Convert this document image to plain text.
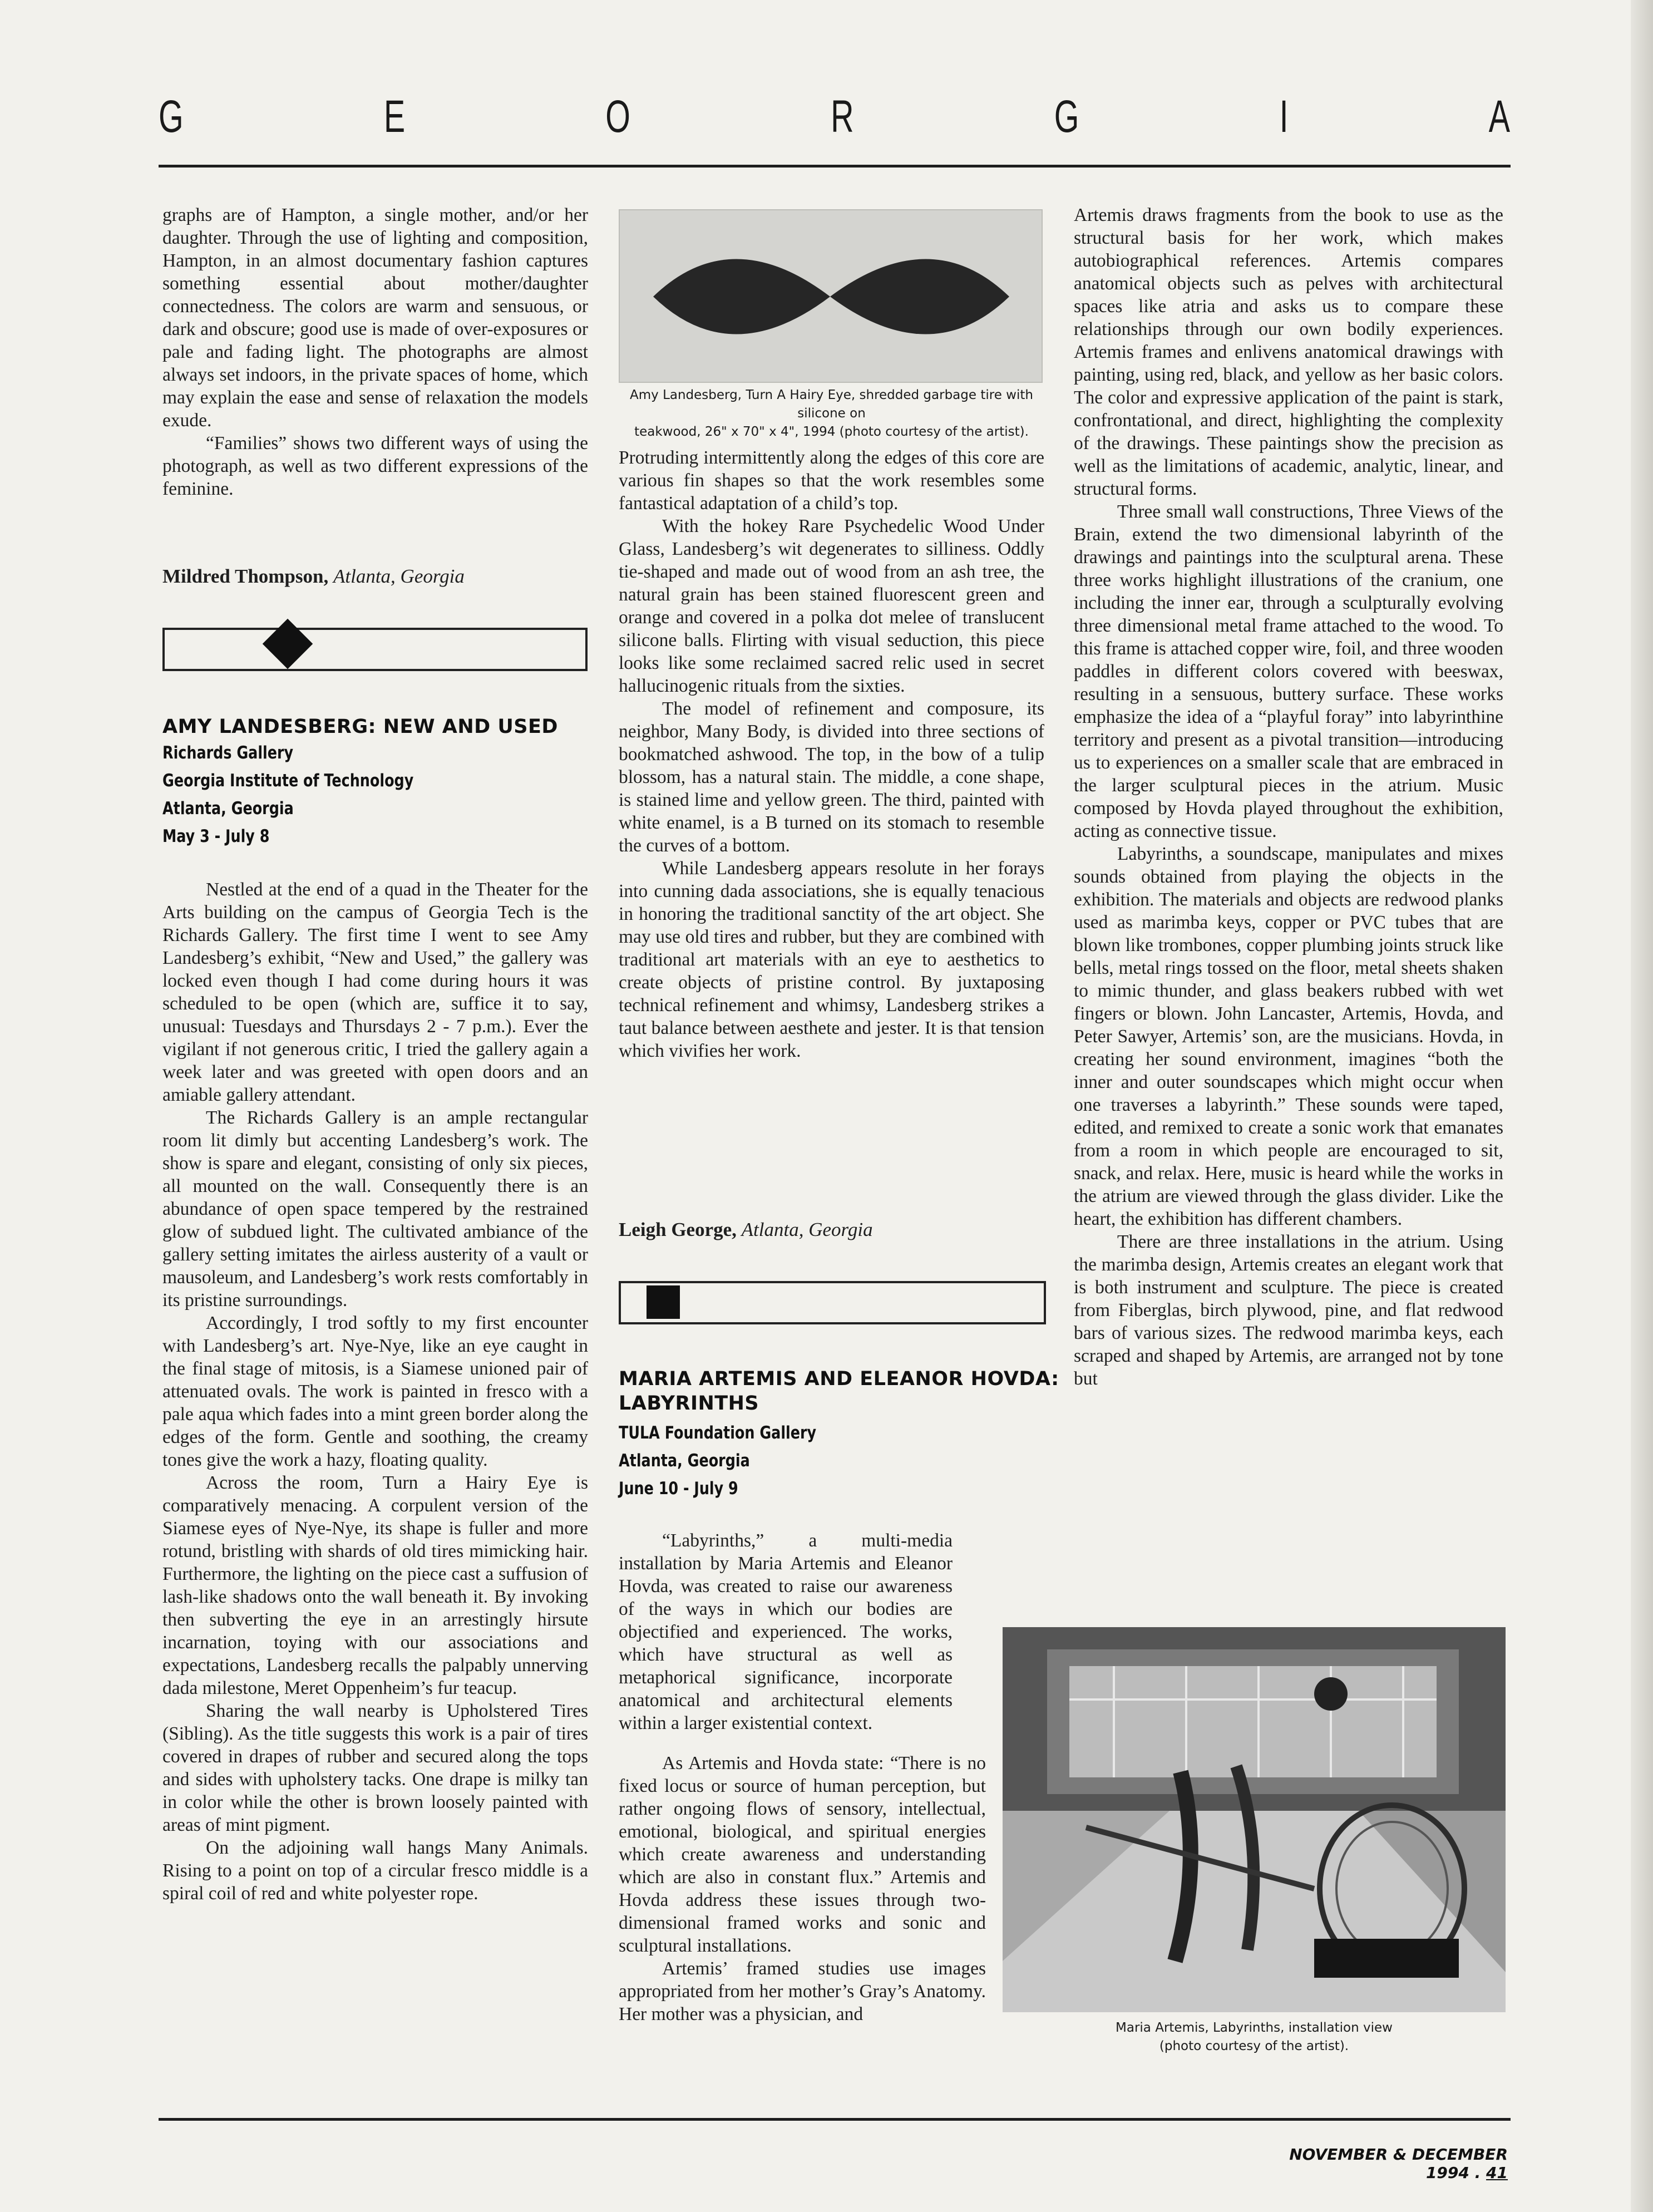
G	E	O	R	G	I	A

graphs are of Hampton, a single mother, and/or her daughter. Through the use of lighting and composition, Hampton, in an almost documentary fashion captures something essential about mother/daughter connectedness. The colors are warm and sensuous, or dark and obscure; good use is made of over-exposures or pale and fading light. The photographs are almost always set indoors, in the private spaces of home, which may explain the ease and sense of relaxation the models exude.

“Families” shows two different ways of using the photograph, as well as two different expressions of the feminine.

Mildred Thompson, Atlanta, Georgia
AMY LANDESBERG: NEW AND USED
Richards Gallery
Georgia Institute of Technology
Atlanta, Georgia
May 3 - July 8

Nestled at the end of a quad in the Theater for the Arts building on the campus of Georgia Tech is the Richards Gallery. The first time I went to see Amy Landesberg’s exhibit, “New and Used,” the gallery was locked even though I had come during hours it was scheduled to be open (which are, suffice it to say, unusual: Tuesdays and Thursdays 2 - 7 p.m.). Ever the vigilant if not generous critic, I tried the gallery again a week later and was greeted with open doors and an amiable gallery attendant.

The Richards Gallery is an ample rectangular room lit dimly but accenting Landesberg’s work. The show is spare and elegant, consisting of only six pieces, all mounted on the wall. Consequently there is an abundance of open space tempered by the restrained glow of subdued light. The cultivated ambiance of the gallery setting imitates the airless austerity of a vault or mausoleum, and Landesberg’s work rests comfortably in its pristine surroundings.

Accordingly, I trod softly to my first encounter with Landesberg’s art. Nye-Nye, like an eye caught in the final stage of mitosis, is a Siamese unioned pair of attenuated ovals. The work is painted in fresco with a pale aqua which fades into a mint green border along the edges of the form. Gentle and soothing, the creamy tones give the work a hazy, floating quality.

Across the room, Turn a Hairy Eye is comparatively menacing. A corpulent version of the Siamese eyes of Nye-Nye, its shape is fuller and more rotund, bristling with shards of old tires mimicking hair. Furthermore, the lighting on the piece cast a suffusion of lash-like shadows onto the wall beneath it. By invoking then subverting the eye in an arrestingly hirsute incarnation, toying with our associations and expectations, Landesberg recalls the palpably unnerving dada milestone, Meret Oppenheim’s fur teacup.

Sharing the wall nearby is Upholstered Tires (Sibling). As the title suggests this work is a pair of tires covered in drapes of rubber and secured along the tops and sides with upholstery tacks. One drape is milky tan in color while the other is brown loosely painted with areas of mint pigment.

On the adjoining wall hangs Many Animals. Rising to a point on top of a circular fresco middle is a spiral coil of red and white polyester rope.

Amy Landesberg, Turn A Hairy Eye, shredded garbage tire with silicone on
teakwood, 26" x 70" x 4", 1994 (photo courtesy of the artist).

Protruding intermittently along the edges of this core are various fin shapes so that the work resembles some fantastical adaptation of a child’s top.

With the hokey Rare Psychedelic Wood Under Glass, Landesberg’s wit degenerates to silliness. Oddly tie-shaped and made out of wood from an ash tree, the natural grain has been stained fluorescent green and orange and covered in a polka dot melee of translucent silicone balls. Flirting with visual seduction, this piece looks like some reclaimed sacred relic used in secret hallucinogenic rituals from the sixties.

The model of refinement and composure, its neighbor, Many Body, is divided into three sections of bookmatched ashwood. The top, in the bow of a tulip blossom, has a natural stain. The middle, a cone shape, is stained lime and yellow green. The third, painted with white enamel, is a B turned on its stomach to resemble the curves of a bottom.

While Landesberg appears resolute in her forays into cunning dada associations, she is equally tenacious in honoring the traditional sanctity of the art object. She may use old tires and rubber, but they are combined with traditional art materials with an eye to aesthetics to create objects of pristine control. By juxtaposing technical refinement and whimsy, Landesberg strikes a taut balance between aesthete and jester. It is that tension which vivifies her work.

Leigh George, Atlanta, Georgia
MARIA ARTEMIS AND ELEANOR HOVDA:
LABYRINTHS
TULA Foundation Gallery
Atlanta, Georgia
June 10 - July 9

“Labyrinths,” a multi-media installation by Maria Artemis and Eleanor Hovda, was created to raise our awareness of the ways in which our bodies are objectified and experienced. The works, which have structural as well as metaphorical significance, incorporate anatomical and architectural elements within a larger existential context.

As Artemis and Hovda state: “There is no fixed locus or source of human perception, but rather ongoing flows of sensory, intellectual, emotional, biological, and spiritual energies which create awareness and understanding which are also in constant flux.” Artemis and Hovda address these issues through two-dimensional framed works and sonic and sculptural installations.

Artemis’ framed studies use images appropriated from her mother’s Gray’s Anatomy. Her mother was a physician, and

Artemis draws fragments from the book to use as the structural basis for her work, which makes autobiographical references. Artemis compares anatomical objects such as pelves with architectural spaces like atria and asks us to compare these relationships through our own bodily experiences. Artemis frames and enlivens anatomical drawings with painting, using red, black, and yellow as her basic colors. The color and expressive application of the paint is stark, confrontational, and direct, highlighting the complexity of the drawings. These paintings show the precision as well as the limitations of academic, analytic, linear, and structural forms.

Three small wall constructions, Three Views of the Brain, extend the two dimensional labyrinth of the drawings and paintings into the sculptural arena. These three works highlight illustrations of the cranium, one including the inner ear, through a sculpturally evolving three dimensional metal frame attached to the wood. To this frame is attached copper wire, foil, and three wooden paddles in different colors covered with beeswax, resulting in a sensuous, buttery surface. These works emphasize the idea of a “playful foray” into labyrinthine territory and present as a pivotal transition—introducing us to experiences on a smaller scale that are embraced in the larger sculptural pieces in the atrium. Music composed by Hovda played throughout the exhibition, acting as connective tissue.

Labyrinths, a soundscape, manipulates and mixes sounds obtained from playing the objects in the exhibition. The materials and objects are redwood planks used as marimba keys, copper or PVC tubes that are blown like trombones, copper plumbing joints struck like bells, metal rings tossed on the floor, metal sheets shaken to mimic thunder, and glass beakers rubbed with wet fingers or blown. John Lancaster, Artemis, Hovda, and Peter Sawyer, Artemis’ son, are the musicians. Hovda, in creating her sound environment, imagines “both the inner and outer soundscapes which might occur when one traverses a labyrinth.” These sounds were taped, edited, and remixed to create a sonic work that emanates from a room in which people are encouraged to sit, snack, and relax. Here, music is heard while the works in the atrium are viewed through the glass divider. Like the heart, the exhibition has different chambers.

There are three installations in the atrium. Using the marimba design, Artemis creates an elegant work that is both instrument and sculpture. The piece is created from Fiberglas, birch plywood, pine, and flat redwood bars of various sizes. The redwood marimba keys, each scraped and shaped by Artemis, are arranged not by tone but

Maria Artemis, Labyrinths, installation view
(photo courtesy of the artist).
NOVEMBER & DECEMBER 1994 . 41
